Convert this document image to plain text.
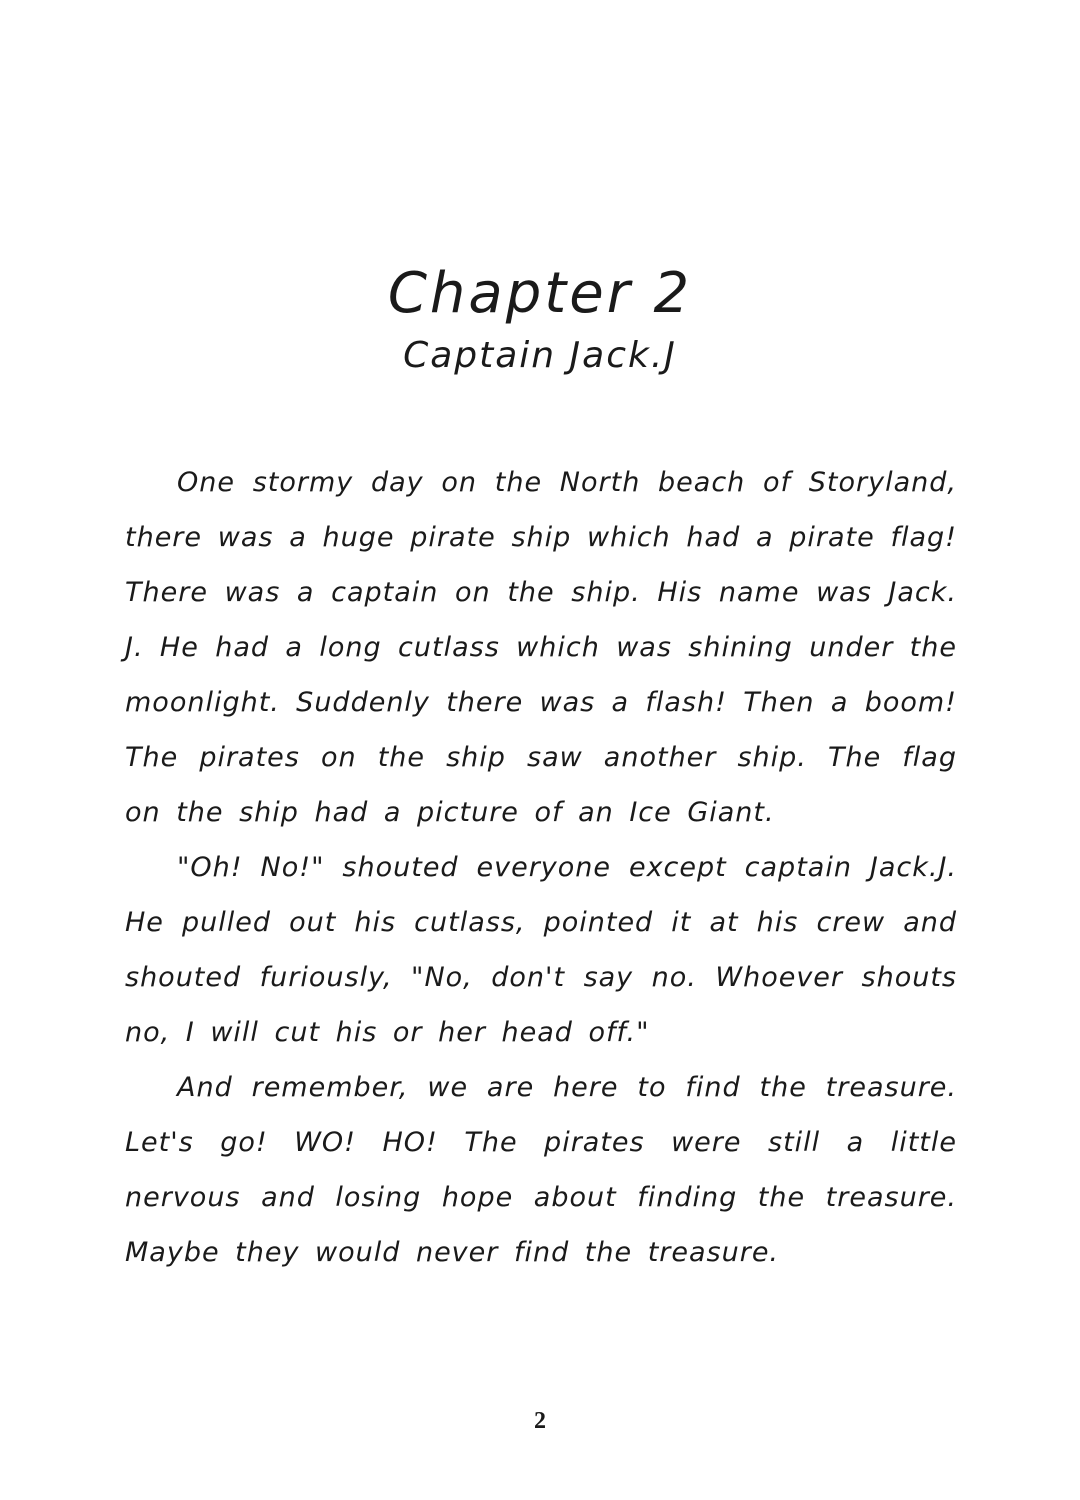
Chapter 2
Captain Jack.J

One stormy day on the North beach of Storyland, there was a huge pirate ship which had a pirate flag! There was a captain on the ship. His name was Jack. J. He had a long cutlass which was shining under the moonlight. Suddenly there was a flash! Then a boom! The pirates on the ship saw another ship. The flag on the ship had a picture of an Ice Giant.

"Oh! No!" shouted everyone except captain Jack.J. He pulled out his cutlass, pointed it at his crew and shouted furiously, "No, don't say no. Whoever shouts no, I will cut his or her head off."

And remember, we are here to find the treasure. Let's go! WO! HO! The pirates were still a little nervous and losing hope about finding the treasure. Maybe they would never find the treasure.

2
